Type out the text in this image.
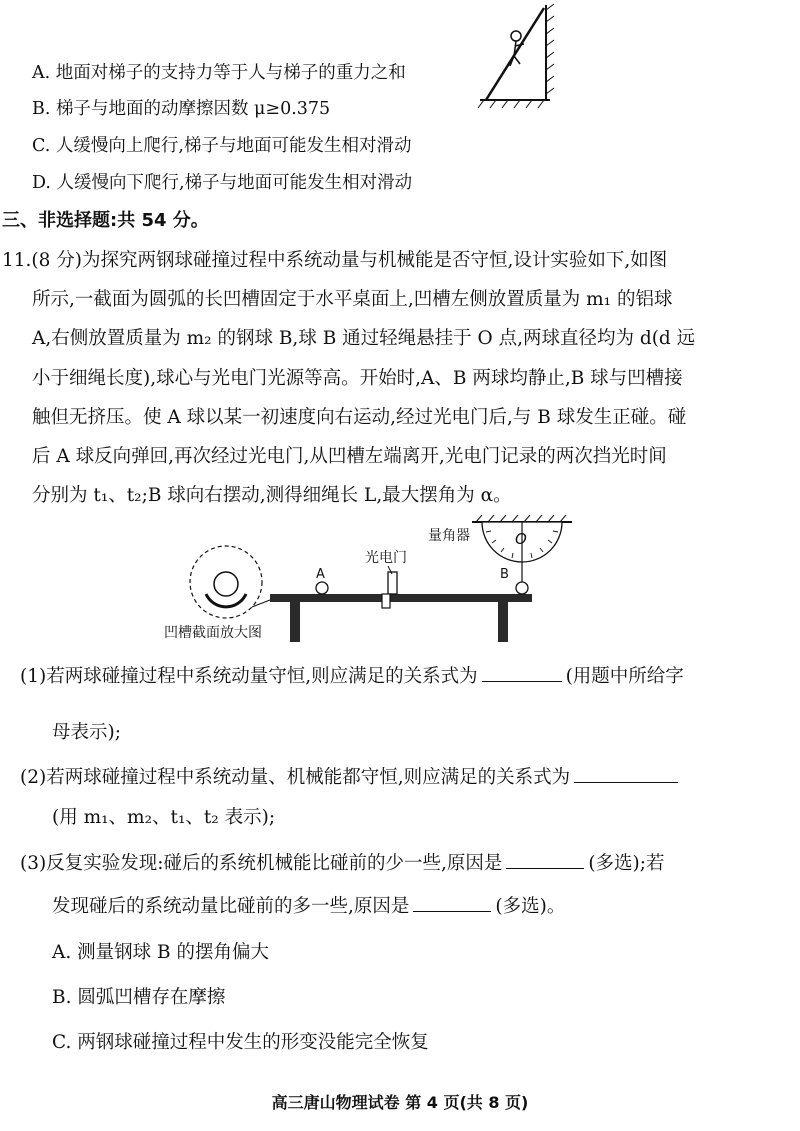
A. 地面对梯子的支持力等于人与梯子的重力之和
B. 梯子与地面的动摩擦因数 μ≥0.375
C. 人缓慢向上爬行,梯子与地面可能发生相对滑动
D. 人缓慢向下爬行,梯子与地面可能发生相对滑动
三、非选择题:共 54 分。
11.(8 分)为探究两钢球碰撞过程中系统动量与机械能是否守恒,设计实验如下,如图
所示,一截面为圆弧的长凹槽固定于水平桌面上,凹槽左侧放置质量为 m₁ 的铝球
A,右侧放置质量为 m₂ 的钢球 B,球 B 通过轻绳悬挂于 O 点,两球直径均为 d(d 远
小于细绳长度),球心与光电门光源等高。开始时,A、B 两球均静止,B 球与凹槽接
触但无挤压。使 A 球以某一初速度向右运动,经过光电门后,与 B 球发生正碰。碰
后 A 球反向弹回,再次经过光电门,从凹槽左端离开,光电门记录的两次挡光时间
分别为 t₁、t₂;B 球向右摆动,测得细绳长 L,最大摆角为 α。
凹槽截面放大图
A
光电门
O
量角器
B
(1)若两球碰撞过程中系统动量守恒,则应满足的关系式为	(用题中所给字
母表示);
(2)若两球碰撞过程中系统动量、机械能都守恒,则应满足的关系式为
(用 m₁、m₂、t₁、t₂ 表示);
(3)反复实验发现:碰后的系统机械能比碰前的少一些,原因是	(多选);若
发现碰后的系统动量比碰前的多一些,原因是	(多选)。
A. 测量钢球 B 的摆角偏大
B. 圆弧凹槽存在摩擦
C. 两钢球碰撞过程中发生的形变没能完全恢复
高三唐山物理试卷 第 4 页(共 8 页)
